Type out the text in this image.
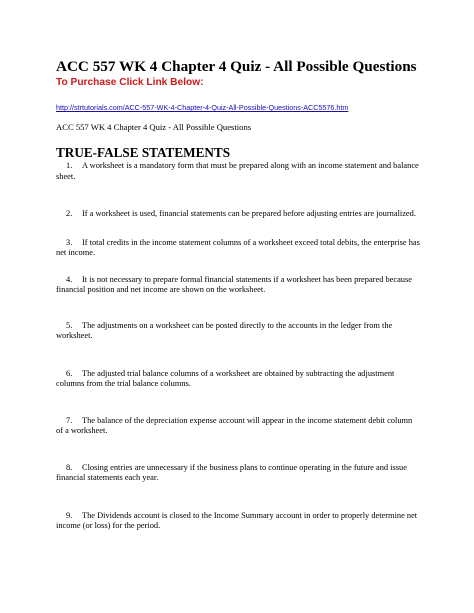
ACC 557 WK 4 Chapter 4 Quiz - All Possible Questions

To Purchase Click Link Below:

http://strtutorials.com/ACC-557-WK-4-Chapter-4-Quiz-All-Possible-Questions-ACC5576.htm

ACC 557 WK 4 Chapter 4 Quiz - All Possible Questions

TRUE-FALSE STATEMENTS
1. A worksheet is a mandatory form that must be prepared along with an income statement and balance sheet.
2. If a worksheet is used, financial statements can be prepared before adjusting entries are journalized.
3. If total credits in the income statement columns of a worksheet exceed total debits, the enterprise has net income.
4. It is not necessary to prepare formal financial statements if a worksheet has been prepared because financial position and net income are shown on the worksheet.
5. The adjustments on a worksheet can be posted directly to the accounts in the ledger from the worksheet.
6. The adjusted trial balance columns of a worksheet are obtained by subtracting the adjustment columns from the trial balance columns.
7. The balance of the depreciation expense account will appear in the income statement debit column of a worksheet.
8. Closing entries are unnecessary if the business plans to continue operating in the future and issue financial statements each year.
9. The Dividends account is closed to the Income Summary account in order to properly determine net income (or loss) for the period.
